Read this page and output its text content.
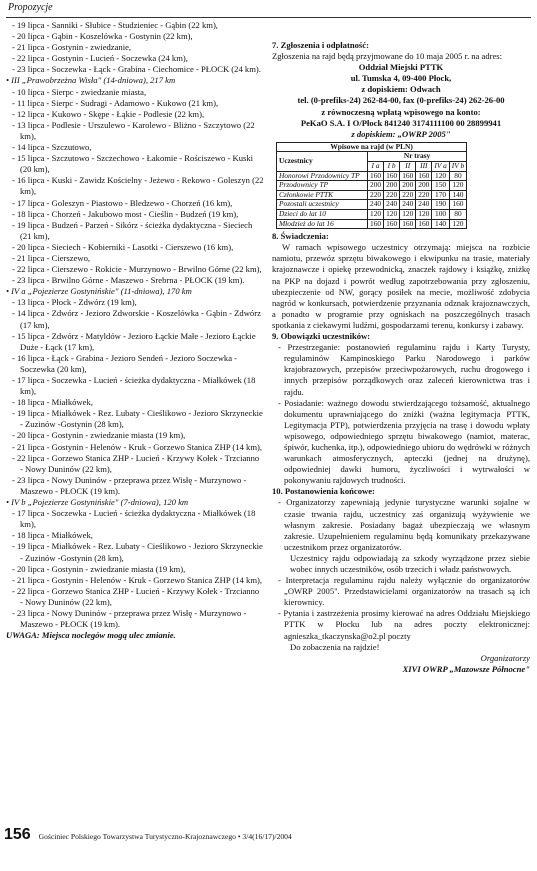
Propozycje

- 19 lipca - Sanniki - Słubice - Studzieniec - Gąbin (22 km),

- 20 lipca - Gąbin - Koszelówka - Gostynin (22 km),

- 21 lipca - Gostynin - zwiedzanie,

- 22 lipca - Gostynin - Lucień - Soczewka (24 km),

- 23 lipca - Soczewka - Łąck - Grabina - Ciechomice - PŁOCK (24 km).

• III „Prawobrzeżna Wisła" (14-dniowa), 217 km

- 10 lipca - Sierpc - zwiedzanie miasta,

- 11 lipca - Sierpc - Sudragi - Adamowo - Kukowo (21 km),

- 12 lipca - Kukowo - Skępe - Łąkie - Podlesie (22 km),

- 13 lipca - Podlesie - Urszulewo - Karolewo - Bliżno - Szczytowo (22 km),

- 14 lipca - Szczutowo,

- 15 lipca - Szczutowo - Szczechowo - Łakomie - Rościszewo - Kuski (20 km),

- 16 lipca - Kuski - Zawidz Kościelny - Jeżewo - Rekowo - Goleszyn (22 km),

- 17 lipca - Goleszyn - Piastowo - Bledzewo - Chorzeń (16 km),

- 18 lipca - Chorzeń - Jakubowo most - Cieślin - Budzeń (19 km),

- 19 lipca - Budzeń - Parzeń - Sikórz - ścieżka dydaktyczna - Sieciech (21 km),

- 20 lipca - Sieciech - Kobierniki - Lasotki - Cierszewo (16 km),

- 21 lipca - Cierszewo,

- 22 lipca - Cierszewo - Rokicie - Murzynowo - Brwilno Górne (22 km),

- 23 lipca - Brwilno Górne - Maszewo - Srebrna - PŁOCK (19 km).

• IV a „Pojezierze Gostynińskie" (11-dniowa), 170 km

- 13 lipca - Płock - Zdwórz (19 km),

- 14 lipca - Zdwórz - Jezioro Zdworskie - Koszelówka - Gąbin - Zdwórz (17 km),

- 15 lipca - Zdwórz - Matyldów - Jezioro Łąckie Małe - Jezioro Łąckie Duże - Łąck (17 km),

- 16 lipca - Łąck - Grabina - Jezioro Sendeń - Jezioro Soczewka - Soczewka (20 km),

- 17 lipca - Soczewka - Lucień - ścieżka dydaktyczna - Miałkówek (18 km),

- 18 lipca - Miałkówek,

- 19 lipca - Miałkówek - Rez. Lubaty - Cieślikowo - Jezioro Skrzyneckie - Zuzinów -Gostynin (28 km),

- 20 lipca - Gostynin - zwiedzanie miasta (19 km),

- 21 lipca - Gostynin - Helenów - Kruk - Gorzewo Stanica ZHP (14 km),

- 22 lipca - Gorzewo Stanica ZHP - Lucień - Krzywy Kołek - Trzcianno - Nowy Duninów (22 km),

- 23 lipca - Nowy Duninów - przeprawa przez Wisłę - Murzynowo - Maszewo - PŁOCK (19 km).

• IV b „Pojezierze Gostynińskie" (7-dniowa), 120 km

- 17 lipca - Soczewka - Lucień - ścieżka dydaktyczna - Miałkówek (18 km),

- 18 lipca - Miałkówek,

- 19 lipca - Miałkówek - Rez. Lubaty - Cieślikowo - Jezioro Skrzyneckie - Zuzinów -Gostynin (28 km),

- 20 lipca - Gostynin - zwiedzanie miasta (19 km),

- 21 lipca - Gostynin - Helenów - Kruk - Gorzewo Stanica ZHP (14 km),

- 22 lipca - Gorzewo Stanica ZHP - Lucień - Krzywy Kołek - Trzcianno - Nowy Duninów (22 km),

- 23 lipca - Nowy Duninów - przeprawa przez Wisłę - Murzynowo - Maszewo - PŁOCK (19 km).

UWAGA: Miejsca noclegów mogą ulec zmianie.

7. Zgłoszenia i odpłatność:

Zgłoszenia na rajd będą przyjmowane do 10 maja 2005 r. na adres:

Oddział Miejski PTTK

ul. Tumska 4, 09-400 Płock,

z dopiskiem: Odwach

tel. (0-prefiks-24) 262-84-00, fax (0-prefiks-24) 262-26-00

z równoczesną wpłatą wpisowego na konto:

PeKaO S.A. I O/Płock 841240 3174111100 00 28899941

z dopiskiem: „OWRP 2005"

Wpisowe na rajd (w PLN)						
Uczestnicy	Nr trasy					
	I a	I b	II	III	IV a	IV b
Honorowi Przodownicy TP	160	160	160	160	120	80
Przodownicy TP	200	200	200	200	150	120
Członkowie PTTK	220	220	220	220	170	140
Pozostali uczestnicy	240	240	240	240	190	160
Dzieci do lat 10	120	120	120	120	100	80
Młodzież do lat 16	160	160	160	160	140	120

8. Świadczenia:

W ramach wpisowego uczestnicy otrzymają: miejsca na rozbicie namiotu, przewóz sprzętu biwakowego i ekwipunku na trasie, materiały krajoznawcze i opiekę przewodnicką, znaczek rajdowy i książkę, zniżkę na PKP na dojazd i powrót według zapotrzebowania przy zgłoszeniu, ubezpieczenie od NW, gorący posiłek na mecie, możliwość zdobycia nagród w konkursach, potwierdzenie przyznania odznak krajoznawczych, a ponadto w programie przy ogniskach na poszczególnych trasach spotkania z ciekawymi ludźmi, gospodarzami terenu, konkursy i zabawy.

9. Obowiązki uczestników:

- Przestrzeganie: postanowień regulaminu rajdu i Karty Turysty, regulaminów Kampinoskiego Parku Narodowego i parków krajobrazowych, przepisów przeciwpożarowych, ruchu drogowego i innych przepisów porządkowych oraz zaleceń kierownictwa tras i rajdu.

- Posiadanie: ważnego dowodu stwierdzającego tożsamość, aktualnego dokumentu uprawniającego do zniżki (ważna legitymacja PTTK, Legitymacja PTP), potwierdzenia przyjęcia na trasę i dowodu wpłaty wpisowego, odpowiedniego sprzętu biwakowego (namiot, materac, śpiwór, kuchenka, itp.), odpowiedniego ubioru do wędrówki w różnych warunkach atmosferycznych, apteczki (jednej na drużynę), odpowiedniej dawki humoru, życzliwości i wytrwałości w pokonywaniu rajdowych trudności.

10. Postanowienia końcowe:

- Organizatorzy zapewniają jedynie turystyczne warunki sojalne w czasie trwania rajdu, uczestnicy zaś organizują wyżywienie we własnym zakresie. Posiadany bagaż ubezpieczają we własnym zakresie. Uzupełnieniem regulaminu będą komunikaty przekazywane uczestnikom przez organizatorów.

Uczestnicy rajdu odpowiadają za szkody wyrządzone przez siebie wobec innych uczestników, osób trzecich i władz państwowych.

- Interpretacja regulaminu rajdu należy wyłącznie do organizatorów „OWRP 2005". Przedstawicielami organizatorów na trasach są ich kierownicy.

- Pytania i zastrzeżenia prosimy kierować na adres Oddziału Miejskiego PTTK w Płocku lub na adres poczty elektronicznej: agnieszka_tkaczynska@o2.pl poczty

Do zobaczenia na rajdzie!

Organizatorzy

XIVI OWRP „Mazowsze Północne"

156 Gościniec Polskiego Towarzystwa Turystyczno-Krajoznawczego • 3/4(16/17)/2004
